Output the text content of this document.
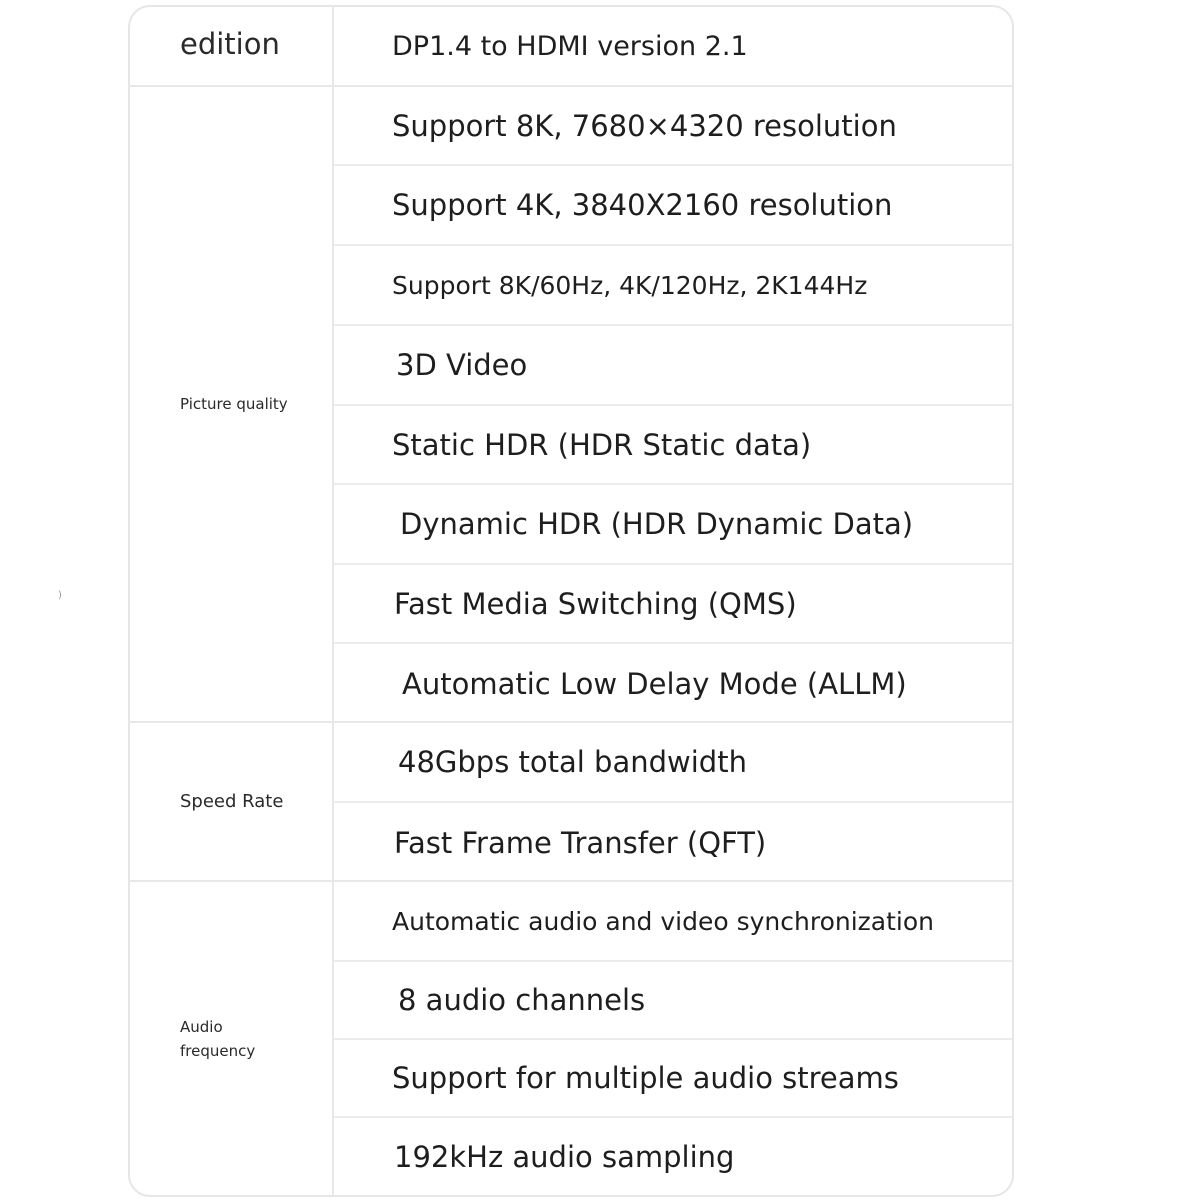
edition	DP1.4 to HDMI version 2.1
Picture quality
Support 8K, 7680×4320 resolution
Support 4K, 3840X2160 resolution
Support 8K/60Hz, 4K/120Hz, 2K144Hz
3D Video
Static HDR (HDR Static data)
Dynamic HDR (HDR Dynamic Data)
Fast Media Switching (QMS)
Automatic Low Delay Mode (ALLM)
Speed Rate
48Gbps total bandwidth
Fast Frame Transfer (QFT)
Audio
frequency
Automatic audio and video synchronization
8 audio channels
Support for multiple audio streams
192kHz audio sampling
)
